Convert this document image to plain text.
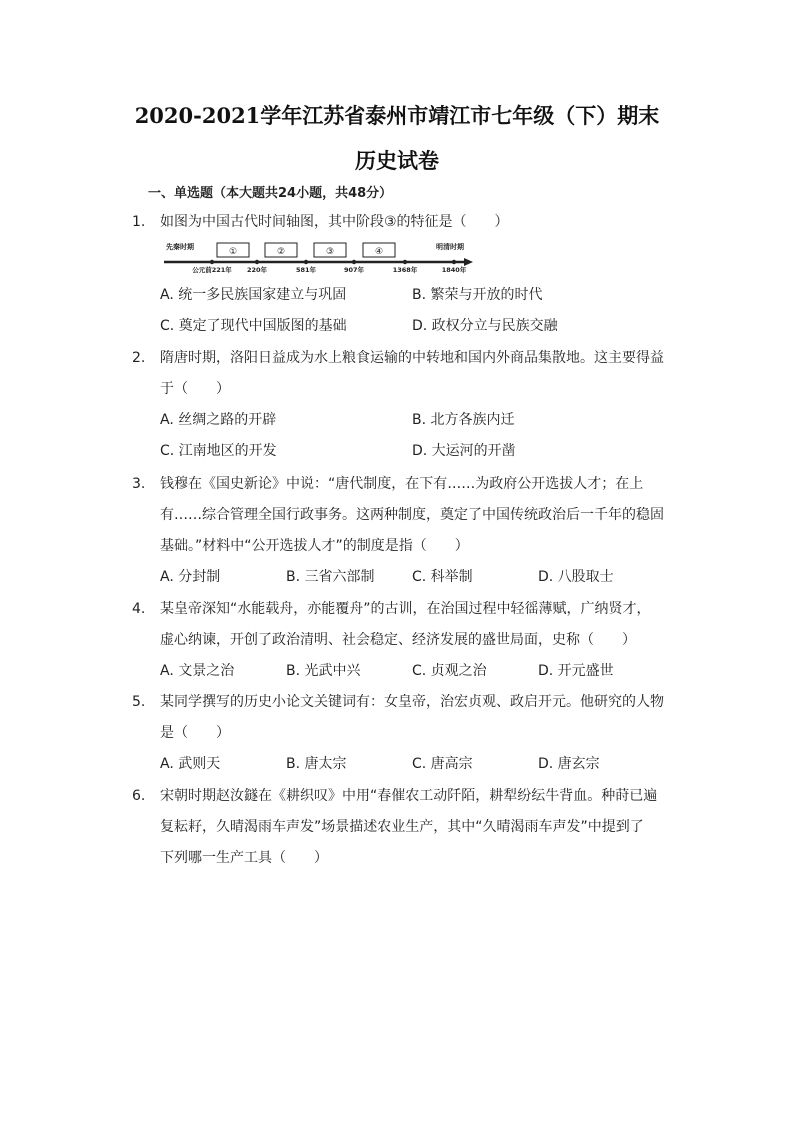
2020-2021学年江苏省泰州市靖江市七年级（下）期末
历史试卷
一、单选题（本大题共24小题，共48分）
1. 如图为中国古代时间轴图，其中阶段③的特征是（　　）
先秦时期	明清时期
①	②	③	④
公元前221年 220年	581年	907年	1368年	1840年
A. 统一多民族国家建立与巩固	B. 繁荣与开放的时代
C. 奠定了现代中国版图的基础	D. 政权分立与民族交融
2. 隋唐时期，洛阳日益成为水上粮食运输的中转地和国内外商品集散地。这主要得益
于（　　）
A. 丝绸之路的开辟	B. 北方各族内迁
C. 江南地区的开发	D. 大运河的开凿
3. 钱穆在《国史新论》中说：“唐代制度，在下有……为政府公开选拔人才；在上
有……综合管理全国行政事务。这两种制度，奠定了中国传统政治后一千年的稳固
基础。”材料中“公开选拔人才”的制度是指（　　）
A. 分封制	B. 三省六部制	C. 科举制	D. 八股取士
4. 某皇帝深知“水能载舟，亦能覆舟”的古训，在治国过程中轻徭薄赋，广纳贤才，
虚心纳谏，开创了政治清明、社会稳定、经济发展的盛世局面，史称（　　）
A. 文景之治	B. 光武中兴	C. 贞观之治	D. 开元盛世
5. 某同学撰写的历史小论文关键词有：女皇帝，治宏贞观、政启开元。他研究的人物
是（　　）
A. 武则天	B. 唐太宗	C. 唐高宗	D. 唐玄宗
6. 宋朝时期赵汝鐩在《耕织叹》中用“春催农工动阡陌，耕犁纷纭牛背血。种莳已遍
复耘耔，久晴渴雨车声发”场景描述农业生产，其中“久晴渴雨车声发”中提到了
下列哪一生产工具（　　）
